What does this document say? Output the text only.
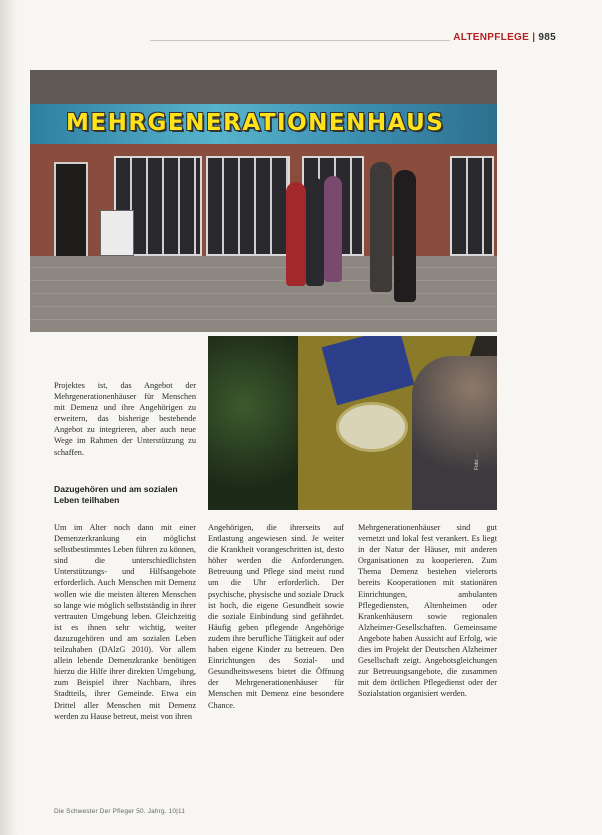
ALTENPFLEGE | 985
MEHRGENERATIONENHAUS
Foto: ...
Projektes ist, das Angebot der Mehrgenerationenhäuser für Menschen mit Demenz und ihre Angehörigen zu erweitern, das bisherige bestehende Angebot zu integrieren, aber auch neue Wege im Rahmen der Unterstützung zu schaffen.
Dazugehören und am sozialen Leben teilhaben
Um im Alter noch dann mit einer Demenzerkrankung ein möglichst selbstbestimmtes Leben führen zu können, sind die unterschiedlichsten Unterstützungs- und Hilfsangebote erforderlich. Auch Menschen mit Demenz wollen wie die meisten älteren Menschen so lange wie möglich selbstständig in ihrer vertrauten Umgebung leben. Gleichzeitig ist es ihnen sehr wichtig, weiter dazuzugehören und am sozialen Leben teilzuhaben (DAlzG 2010). Vor allem allein lebende Demenzkranke benötigen hierzu die Hilfe ihrer direkten Umgebung, zum Beispiel ihrer Nachbarn, ihres Stadtteils, ihrer Gemeinde. Etwa ein Drittel aller Menschen mit Demenz werden zu Hause betreut, meist von ihren
Angehörigen, die ihrerseits auf Entlastung angewiesen sind. Je weiter die Krankheit vorangeschritten ist, desto höher werden die Anforderungen. Betreuung und Pflege sind meist rund um die Uhr erforderlich. Der psychische, physische und soziale Druck ist hoch, die eigene Gesundheit sowie die soziale Einbindung sind gefährdet. Häufig geben pflegende Angehörige zudem ihre berufliche Tätigkeit auf oder haben eigene Kinder zu betreuen. Den Einrichtungen des Sozial- und Gesundheitswesens bietet die Öffnung der Mehrgenerationenhäuser für Menschen mit Demenz eine besondere Chance.
Mehrgenerationenhäuser sind gut vernetzt und lokal fest verankert. Es liegt in der Natur der Häuser, mit anderen Organisationen zu kooperieren. Zum Thema Demenz bestehen vielerorts bereits Kooperationen mit stationären Einrichtungen, ambulanten Pflegediensten, Altenheimen oder Krankenhäusern sowie regionalen Alzheimer-Gesellschaften. Gemeinsame Angebote haben Aussicht auf Erfolg, wie dies im Projekt der Deutschen Alzheimer Gesellschaft zeigt. Angebotsgleichungen zur Betreuungsangebote, die zusammen mit dem örtlichen Pflegedienst oder der Sozialstation organisiert werden.
Die Schwester Der Pfleger 50. Jahrg. 10|11
